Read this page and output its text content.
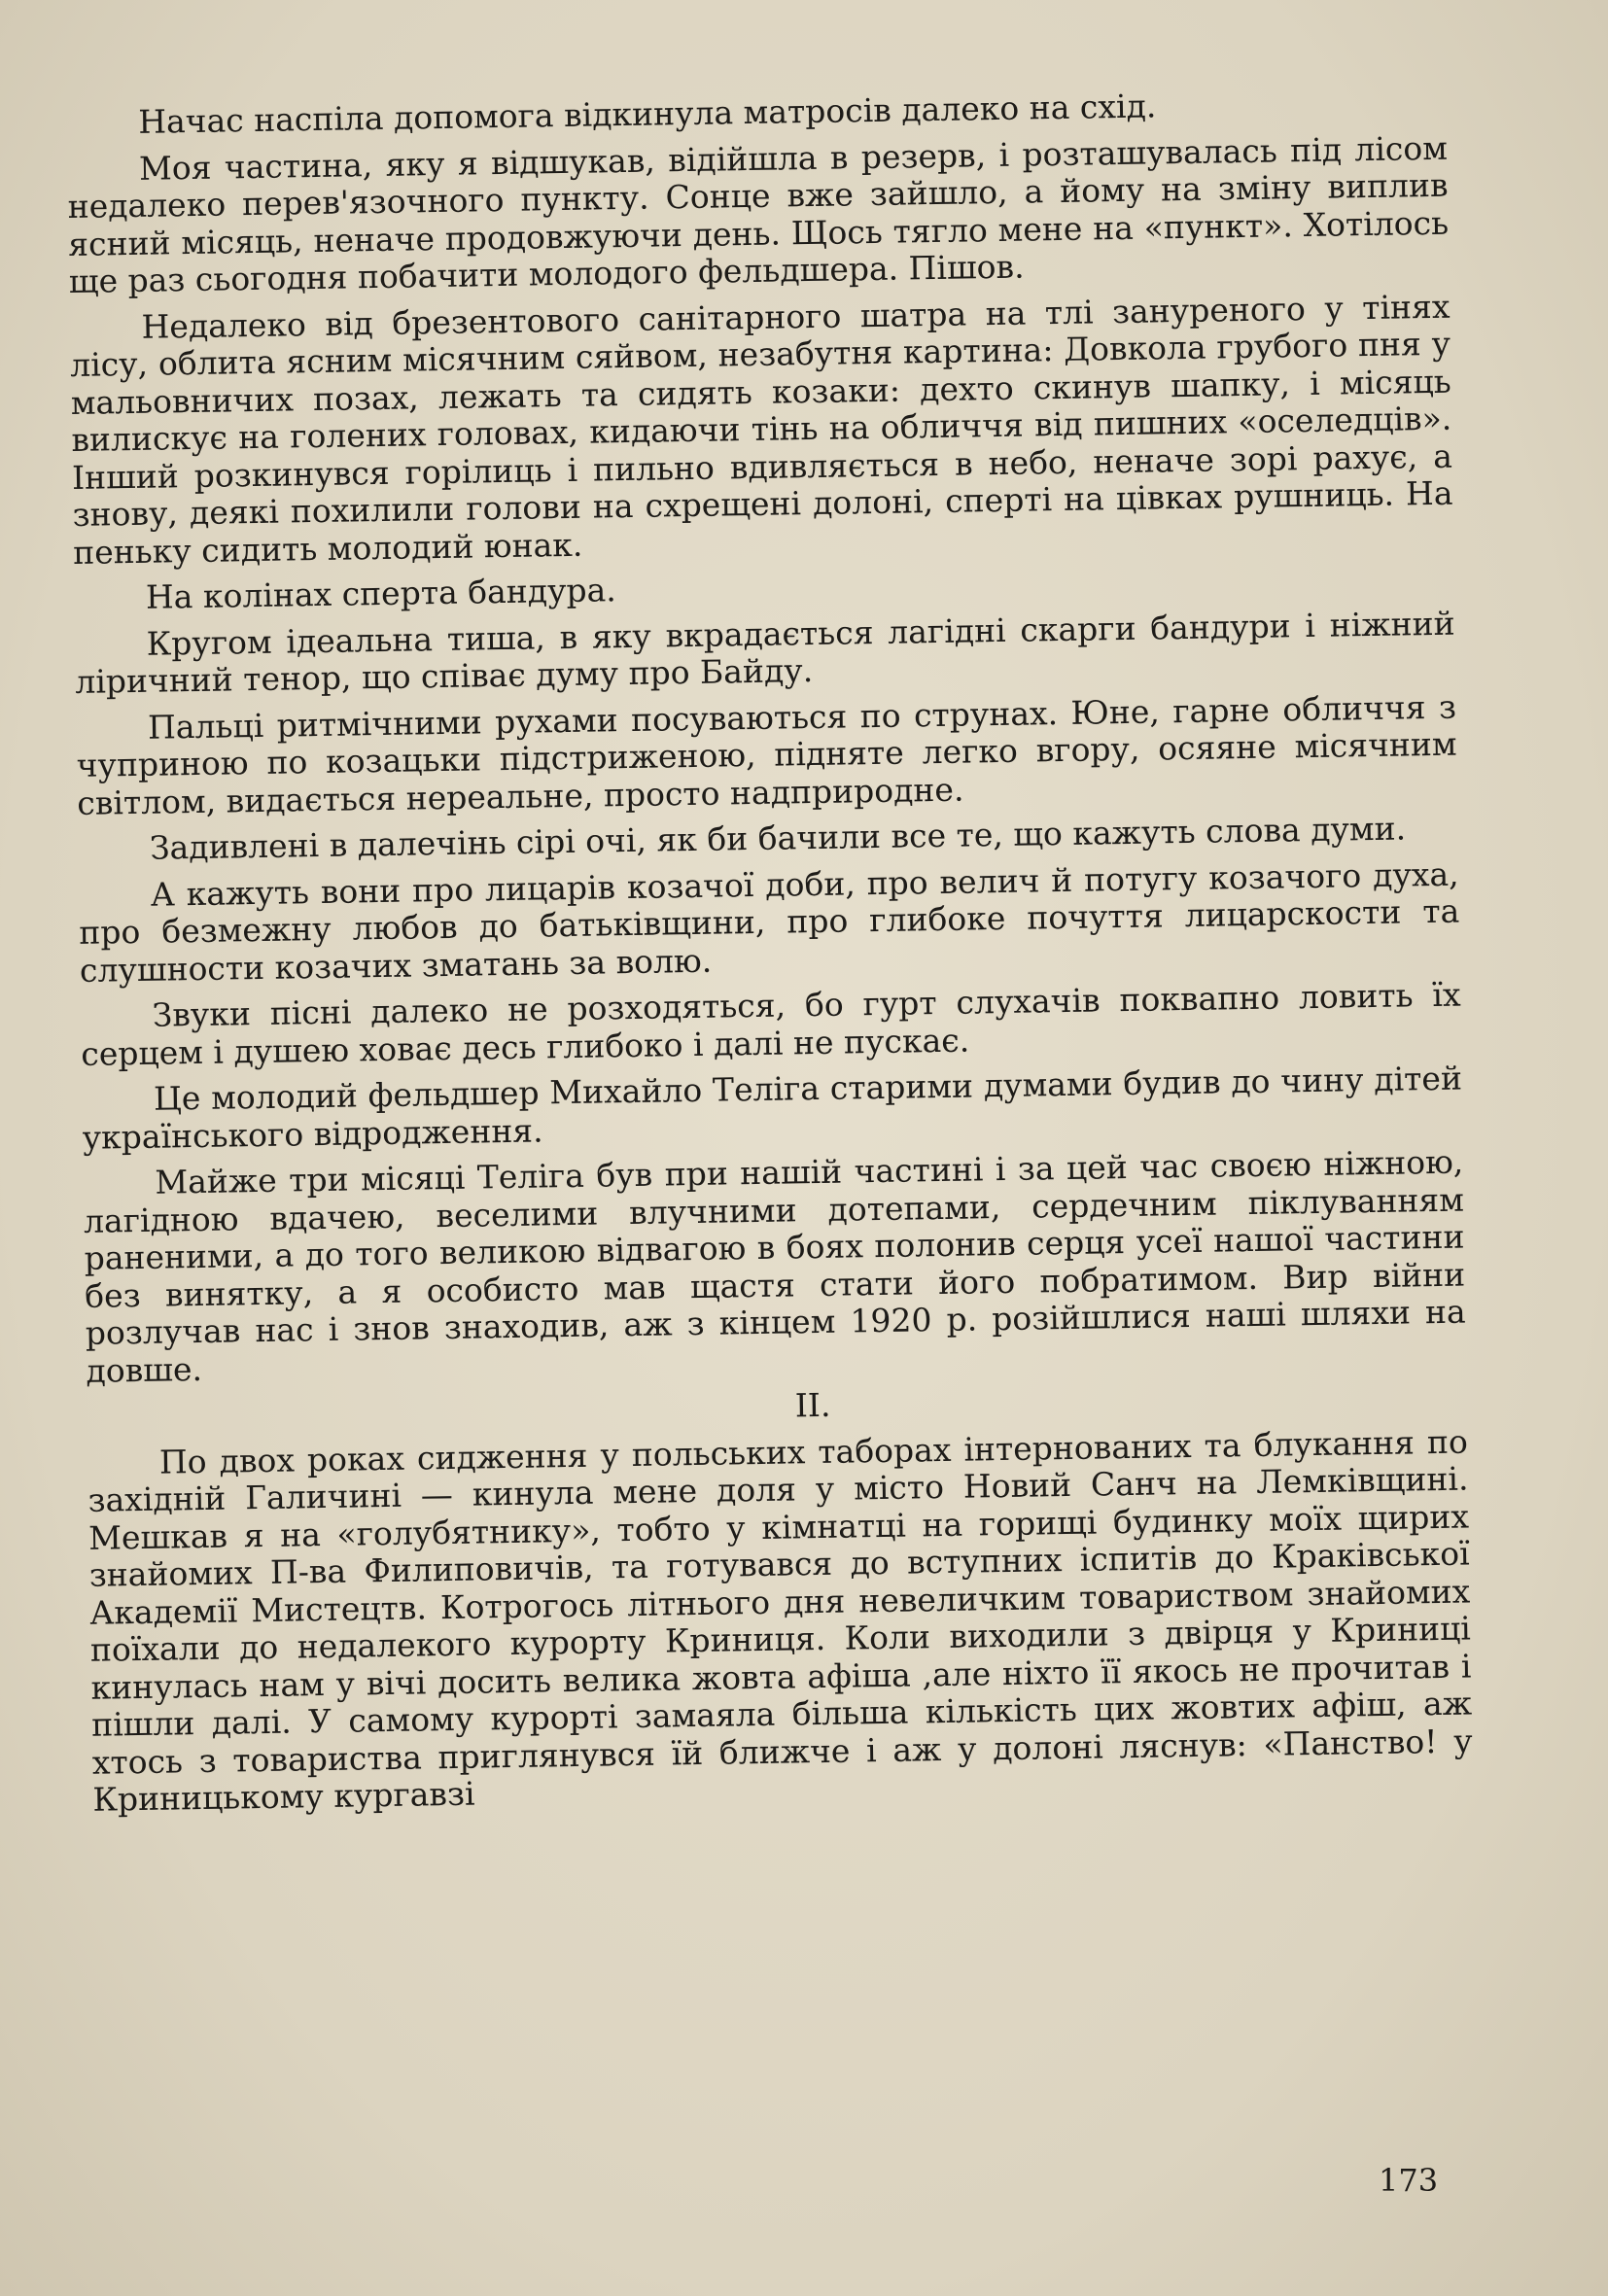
Начас наспіла допомога відкинула матросів далеко на схід.

Моя частина, яку я відшукав, відійшла в резерв, і розташувалась під лісом недалеко перев'язочного пункту. Сонце вже зайшло, а йому на зміну виплив ясний місяць, неначе продовжуючи день. Щось тягло мене на «пункт». Хотілось ще раз сьогодня побачити молодого фельдшера. Пішов.

Недалеко від брезентового санітарного шатра на тлі зануреного у тінях лісу, облита ясним місячним сяйвом, незабутня картина: Довкола грубого пня у мальовничих позах, лежать та сидять козаки: дехто скинув шапку, і місяць вилискує на голених головах, кидаючи тінь на обличчя від пишних «оселедців». Інший розкинувся горілиць і пильно вдивляється в небо, неначе зорі рахує, а знову, деякі похилили голови на схрещені долоні, сперті на цівках рушниць. На пеньку сидить молодий юнак.

На колінах сперта бандура.

Кругом ідеальна тиша, в яку вкрадається лагідні скарги бандури і ніжний ліричний тенор, що співає думу про Байду.

Пальці ритмічними рухами посуваються по струнах. Юне, гарне обличчя з чуприною по козацьки підстриженою, підняте легко вгору, осяяне місячним світлом, видається нереальне, просто надприродне.

Задивлені в далечінь сірі очі, як би бачили все те, що кажуть слова думи.

А кажуть вони про лицарів козачої доби, про велич й потугу козачого духа, про безмежну любов до батьківщини, про глибоке почуття лицарскости та слушности козачих зматань за волю.

Звуки пісні далеко не розходяться, бо гурт слухачів поквапно ловить їх серцем і душею ховає десь глибоко і далі не пускає.

Це молодий фельдшер Михайло Теліга старими думами будив до чину дітей українського відродження.

Майже три місяці Теліга був при нашій частині і за цей час своєю ніжною, лагідною вдачею, веселими влучними дотепами, сердечним піклуванням раненими, а до того великою відвагою в боях полонив серця усеї нашої частини без винятку, а я особисто мав щастя стати його побратимом. Вир війни розлучав нас і знов знаходив, аж з кінцем 1920 р. розійшлися наші шляхи на довше.

II.

По двох роках сидження у польських таборах інтернованих та блукання по західній Галичині — кинула мене доля у місто Новий Санч на Лемківщині. Мешкав я на «голубятнику», тобто у кімнатці на горищі будинку моїх щирих знайомих П-ва Филиповичів, та готувався до вступних іспитів до Краківської Академії Мистецтв. Котрогось літнього дня невеличким товариством знайомих поїхали до недалекого курорту Криниця. Коли виходили з двірця у Криниці кинулась нам у вічі досить велика жовта афіша ,але ніхто її якось не прочитав і пішли далі. У самому курорті замаяла більша кількість цих жовтих афіш, аж хтось з товариства приглянувся їй ближче і аж у долоні ляснув: «Панство! у Криницькому кургавзі

173
